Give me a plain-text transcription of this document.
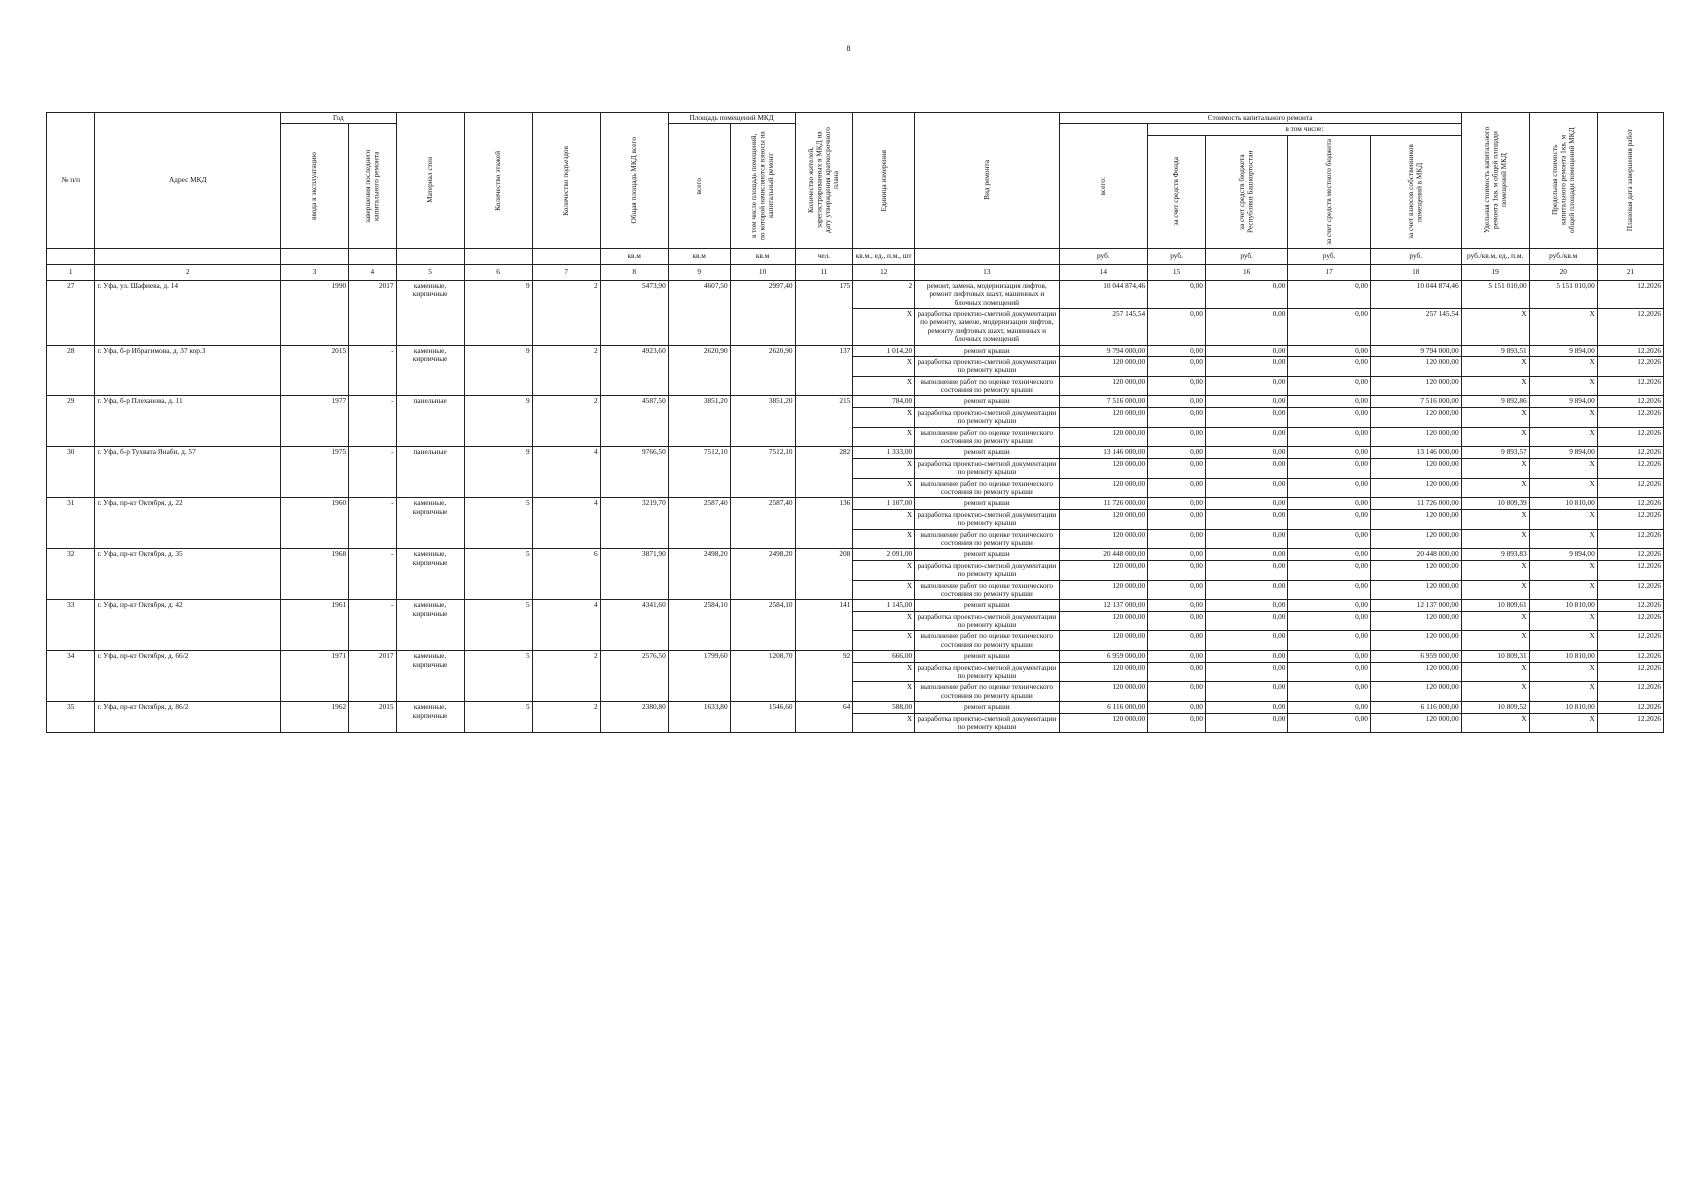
8
№ п/п	Адрес МКД	Год		Материал стен	Количество этажей	Количество подъездов	Общая площадь МКД всего	Площадь помещений МКД		Количество жителей, зарегистрированных в МКД на дату утверждения краткосрочного плана	Единица измерения	Вид ремонта	Стоимость капитального ремонта					Удельная стоимость капитального ремонта 1кв. м общей площади помещений МКД	Предельная стоимость капитального ремонта 1кв. м общей площади помещений МКД	Плановая дата завершения работ

		ввода в эксплуатацию	завершения последнего капитального ремонта					всего	в том числе площадь помещений, по которой начисляются взносы на капитальный ремонт				всего:	в том числе:						

														за счет средств Фонда	за счет средств бюджета Республики Башкортостан	за счет средств местного бюджета	за счет взносов собственников помещений в МКД			

							кв.м	кв.м	кв.м	чел.	кв.м., ед., п.м., шт		руб.	руб.	руб.	руб.	руб.	руб./кв.м, ед., п.м.	руб./кв.м	
1	2	3	4	5	6	7	8	9	10	11	12	13	14	15	16	17	18	19	20	21
27	г. Уфа, ул. Шафиева, д. 14	1990	2017	каменные, кирпичные	9	2	5473,90	4607,50	2997,40	175	2	ремонт, замена, модернизация лифтов, ремонт лифтовых шахт, машинных и блочных помещений	10 044 874,46	0,00	0,00	0,00	10 044 874,46	5 151 010,00	5 151 010,00	12.2026
											X	разработка проектно-сметной документации по ремонту, замене, модернизации лифтов, ремонту лифтовых шахт, машинных и блочных помещений	257 145,54	0,00	0,00	0,00	257 145,54	X	X	12.2026
28	г. Уфа, б-р Ибрагимова, д. 37 кор.3	2015	-	каменные, кирпичные	9	2	4923,60	2620,90	2620,90	137	1 014,20	ремонт крыши	9 794 000,00	0,00	0,00	0,00	9 794 000,00	9 893,51	9 894,00	12.2026
											X	разработка проектно-сметной документации по ремонту крыши	120 000,00	0,00	0,00	0,00	120 000,00	X	X	12.2026
											X	выполнение работ по оценке технического состояния по ремонту крыши	120 000,00	0,00	0,00	0,00	120 000,00	X	X	12.2026
29	г. Уфа, б-р Плеханова, д. 11	1977	-	панельные	9	2	4587,50	3851,20	3851,20	215	784,00	ремонт крыши	7 516 000,00	0,00	0,00	0,00	7 516 000,00	9 892,86	9 894,00	12.2026
											X	разработка проектно-сметной документации по ремонту крыши	120 000,00	0,00	0,00	0,00	120 000,00	X	X	12.2026
											X	выполнение работ по оценке технического состояния по ремонту крыши	120 000,00	0,00	0,00	0,00	120 000,00	X	X	12.2026
30	г. Уфа, б-р Тухвата Янаби, д. 57	1975	-	панельные	9	4	9766,50	7512,10	7512,10	282	1 333,00	ремонт крыши	13 146 000,00	0,00	0,00	0,00	13 146 000,00	9 893,57	9 894,00	12.2026
											X	разработка проектно-сметной документации по ремонту крыши	120 000,00	0,00	0,00	0,00	120 000,00	X	X	12.2026
											X	выполнение работ по оценке технического состояния по ремонту крыши	120 000,00	0,00	0,00	0,00	120 000,00	X	X	12.2026
31	г. Уфа, пр-кт Октября, д. 22	1960	-	каменные, кирпичные	5	4	3219,70	2587,40	2587,40	136	1 107,00	ремонт крыши	11 726 000,00	0,00	0,00	0,00	11 726 000,00	10 809,39	10 810,00	12.2026
											X	разработка проектно-сметной документации по ремонту крыши	120 000,00	0,00	0,00	0,00	120 000,00	X	X	12.2026
											X	выполнение работ по оценке технического состояния по ремонту крыши	120 000,00	0,00	0,00	0,00	120 000,00	X	X	12.2026
32	г. Уфа, пр-кт Октября, д. 35	1968	-	каменные, кирпичные	5	6	3871,90	2498,20	2498,20	208	2 091,00	ремонт крыши	20 448 000,00	0,00	0,00	0,00	20 448 000,00	9 893,83	9 894,00	12.2026
											X	разработка проектно-сметной документации по ремонту крыши	120 000,00	0,00	0,00	0,00	120 000,00	X	X	12.2026
											X	выполнение работ по оценке технического состояния по ремонту крыши	120 000,00	0,00	0,00	0,00	120 000,00	X	X	12.2026
33	г. Уфа, пр-кт Октября, д. 42	1961	-	каменные, кирпичные	5	4	4341,60	2584,10	2584,10	141	1 145,00	ремонт крыши	12 137 000,00	0,00	0,00	0,00	12 137 000,00	10 809,61	10 810,00	12.2026
											X	разработка проектно-сметной документации по ремонту крыши	120 000,00	0,00	0,00	0,00	120 000,00	X	X	12.2026
											X	выполнение работ по оценке технического состояния по ремонту крыши	120 000,00	0,00	0,00	0,00	120 000,00	X	X	12.2026
34	г. Уфа, пр-кт Октября, д. 66/2	1971	2017	каменные, кирпичные	5	2	2576,50	1799,60	1208,70	92	666,00	ремонт крыши	6 959 000,00	0,00	0,00	0,00	6 959 000,00	10 809,31	10 810,00	12.2026
											X	разработка проектно-сметной документации по ремонту крыши	120 000,00	0,00	0,00	0,00	120 000,00	X	X	12.2026
											X	выполнение работ по оценке технического состояния по ремонту крыши	120 000,00	0,00	0,00	0,00	120 000,00	X	X	12.2026
35	г. Уфа, пр-кт Октября, д. 86/2	1962	2015	каменные, кирпичные	5	2	2380,80	1633,80	1546,60	64	588,00	ремонт крыши	6 116 000,00	0,00	0,00	0,00	6 116 000,00	10 809,52	10 810,00	12.2026
											X	разработка проектно-сметной документации по ремонту крыши	120 000,00	0,00	0,00	0,00	120 000,00	X	X	12.2026
